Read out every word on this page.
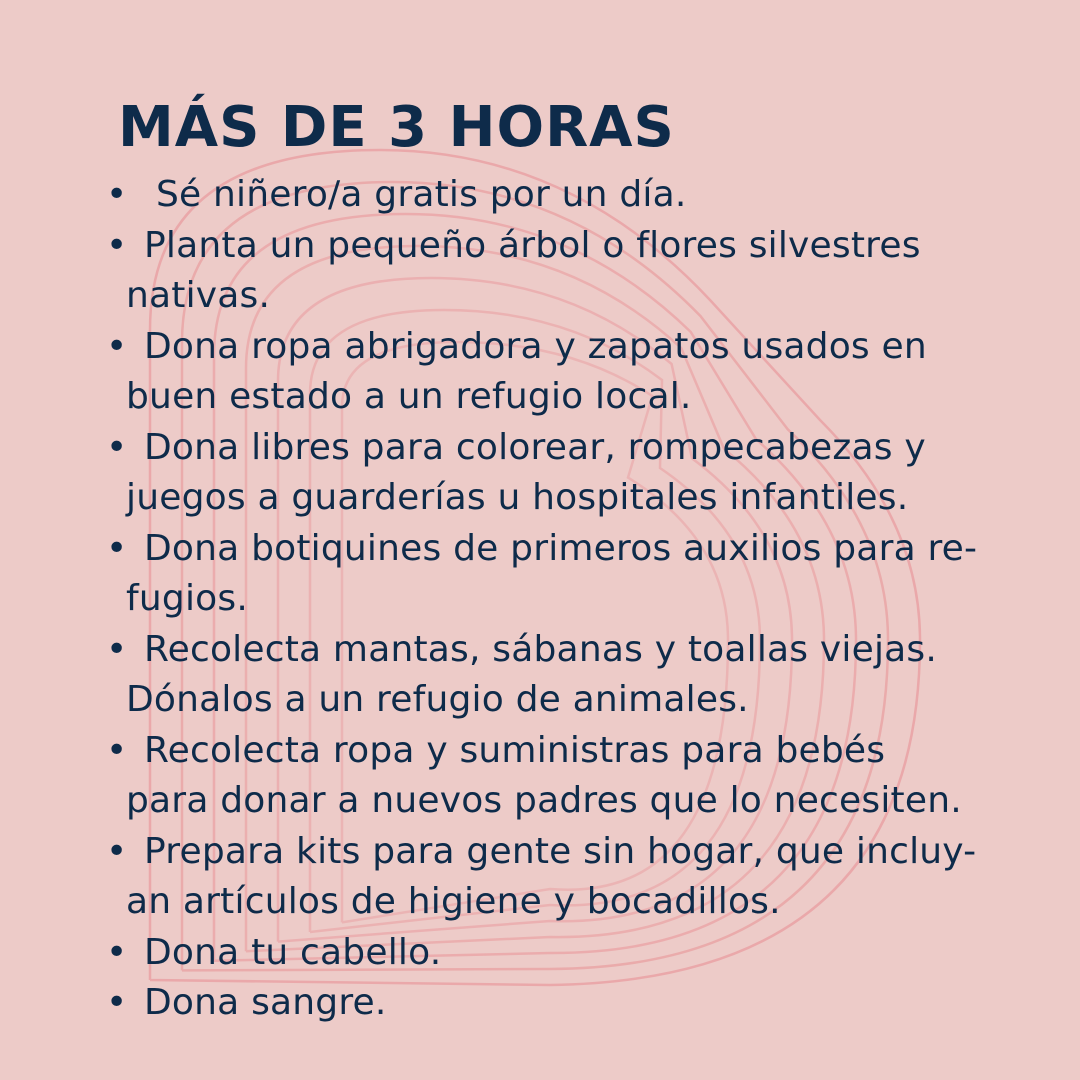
MÁS DE 3 HORAS
• Sé niñero/a gratis por un día.
• Planta un pequeño árbol o flores silvestres
nativas.
• Dona ropa abrigadora y zapatos usados en
buen estado a un refugio local.
• Dona libres para colorear, rompecabezas y
juegos a guarderías u hospitales infantiles.
• Dona botiquines de primeros auxilios para re-
fugios.
• Recolecta mantas, sábanas y toallas viejas.
Dónalos a un refugio de animales.
• Recolecta ropa y suministras para bebés
para donar a nuevos padres que lo necesiten.
• Prepara kits para gente sin hogar, que incluy-
an artículos de higiene y bocadillos.
• Dona tu cabello.
• Dona sangre.
